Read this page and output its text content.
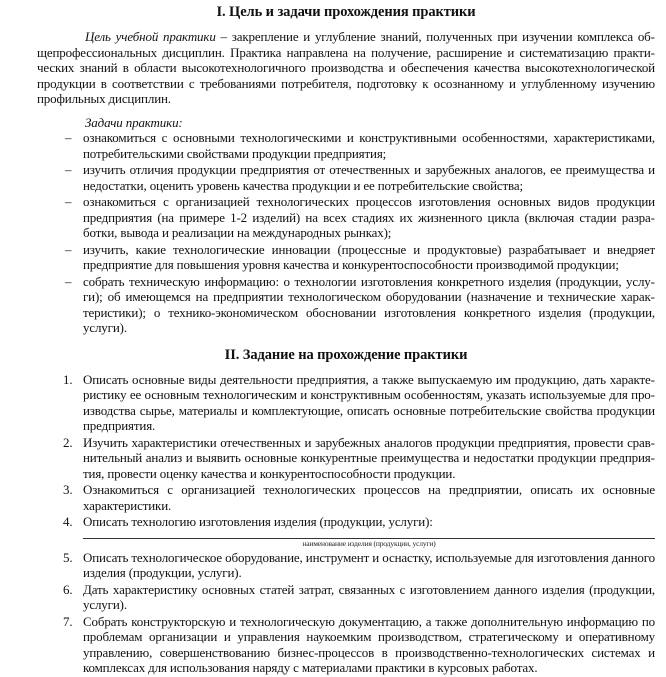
I. Цель и задачи прохождения практики

Цель учебной практики – закрепление и углубление знаний, полученных при изучении комплекса общепрофессиональных дисциплин. Практика направлена на получение, расширение и систематизацию практических знаний в области высокотехнологичного производства и обеспечения качества высокотехнологической продукции в соответствии с требованиями потребителя, подготовку к осознанному и углубленному изучению профильных дисциплин.

Задачи практики:

– ознакомиться с основными технологическими и конструктивными особенностями, характеристиками, потребительскими свойствами продукции предприятия;
– изучить отличия продукции предприятия от отечественных и зарубежных аналогов, ее преимущества и недостатки, оценить уровень качества продукции и ее потребительские свойства;
– ознакомиться с организацией технологических процессов изготовления основных видов продукции предприятия (на примере 1-2 изделий) на всех стадиях их жизненного цикла (включая стадии разработки, вывода и реализации на международных рынках);
– изучить, какие технологические инновации (процессные и продуктовые) разрабатывает и внедряет предприятие для повышения уровня качества и конкурентоспособности производимой продукции;
– собрать техническую информацию: о технологии изготовления конкретного изделия (продукции, услуги); об имеющемся на предприятии технологическом оборудовании (назначение и технические характеристики); о технико-экономическом обосновании изготовления конкретного изделия (продукции, услуги).
II. Задание на прохождение практики
1. Описать основные виды деятельности предприятия, а также выпускаемую им продукцию, дать характеристику ее основным технологическим и конструктивным особенностям, указать используемые для производства сырье, материалы и комплектующие, описать основные потребительские свойства продукции предприятия.
2. Изучить характеристики отечественных и зарубежных аналогов продукции предприятия, провести сравнительный анализ и выявить основные конкурентные преимущества и недостатки продукции предприятия, провести оценку качества и конкурентоспособности продукции.
3. Ознакомиться с организацией технологических процессов на предприятии, описать их основные характеристики.
4. Описать технологию изготовления изделия (продукции, услуги):
наименование изделия (продукции, услуги)
5. Описать технологическое оборудование, инструмент и оснастку, используемые для изготовления данного изделия (продукции, услуги).
6. Дать характеристику основных статей затрат, связанных с изготовлением данного изделия (продукции, услуги).
7. Собрать конструкторскую и технологическую документацию, а также дополнительную информацию по проблемам организации и управления наукоемким производством, стратегическому и оперативному управлению, совершенствованию бизнес-процессов в производственно-технологических системах и комплексах для использования наряду с материалами практики в курсовых работах.
